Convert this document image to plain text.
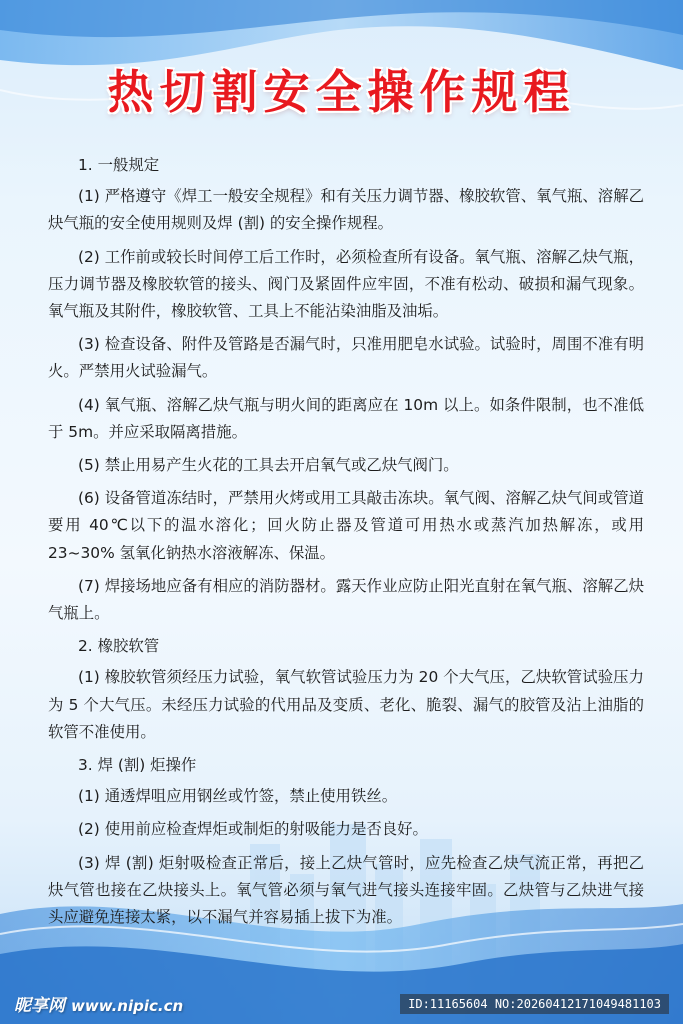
热切割安全操作规程

1. 一般规定

(1) 严格遵守《焊工一般安全规程》和有关压力调节器、橡胶软管、氧气瓶、溶解乙炔气瓶的安全使用规则及焊 (割) 的安全操作规程。

(2) 工作前或较长时间停工后工作时，必须检查所有设备。氧气瓶、溶解乙炔气瓶，压力调节器及橡胶软管的接头、阀门及紧固件应牢固，不准有松动、破损和漏气现象。氧气瓶及其附件，橡胶软管、工具上不能沾染油脂及油垢。

(3) 检查设备、附件及管路是否漏气时，只准用肥皂水试验。试验时，周围不准有明火。严禁用火试验漏气。

(4) 氧气瓶、溶解乙炔气瓶与明火间的距离应在 10m 以上。如条件限制，也不准低于 5m。并应采取隔离措施。

(5) 禁止用易产生火花的工具去开启氧气或乙炔气阀门。

(6) 设备管道冻结时，严禁用火烤或用工具敲击冻块。氧气阀、溶解乙炔气间或管道要用 40℃以下的温水溶化；回火防止器及管道可用热水或蒸汽加热解冻，或用 23~30% 氢氧化钠热水溶液解冻、保温。

(7) 焊接场地应备有相应的消防器材。露天作业应防止阳光直射在氧气瓶、溶解乙炔气瓶上。

2. 橡胶软管

(1) 橡胶软管须经压力试验，氧气软管试验压力为 20 个大气压，乙炔软管试验压力为 5 个大气压。未经压力试验的代用品及变质、老化、脆裂、漏气的胶管及沾上油脂的软管不准使用。

3. 焊 (割) 炬操作

(1) 通透焊咀应用钢丝或竹签，禁止使用铁丝。

(2) 使用前应检查焊炬或制炬的射吸能力是否良好。

(3) 焊 (割) 炬射吸检查正常后，接上乙炔气管时，应先检查乙炔气流正常，再把乙炔气管也接在乙炔接头上。氧气管必须与氧气进气接头连接牢固。乙炔管与乙炔进气接头应避免连接太紧，以不漏气并容易插上拔下为准。

昵享网 www.nipic.cn	ID:11165604 NO:20260412171049481103
